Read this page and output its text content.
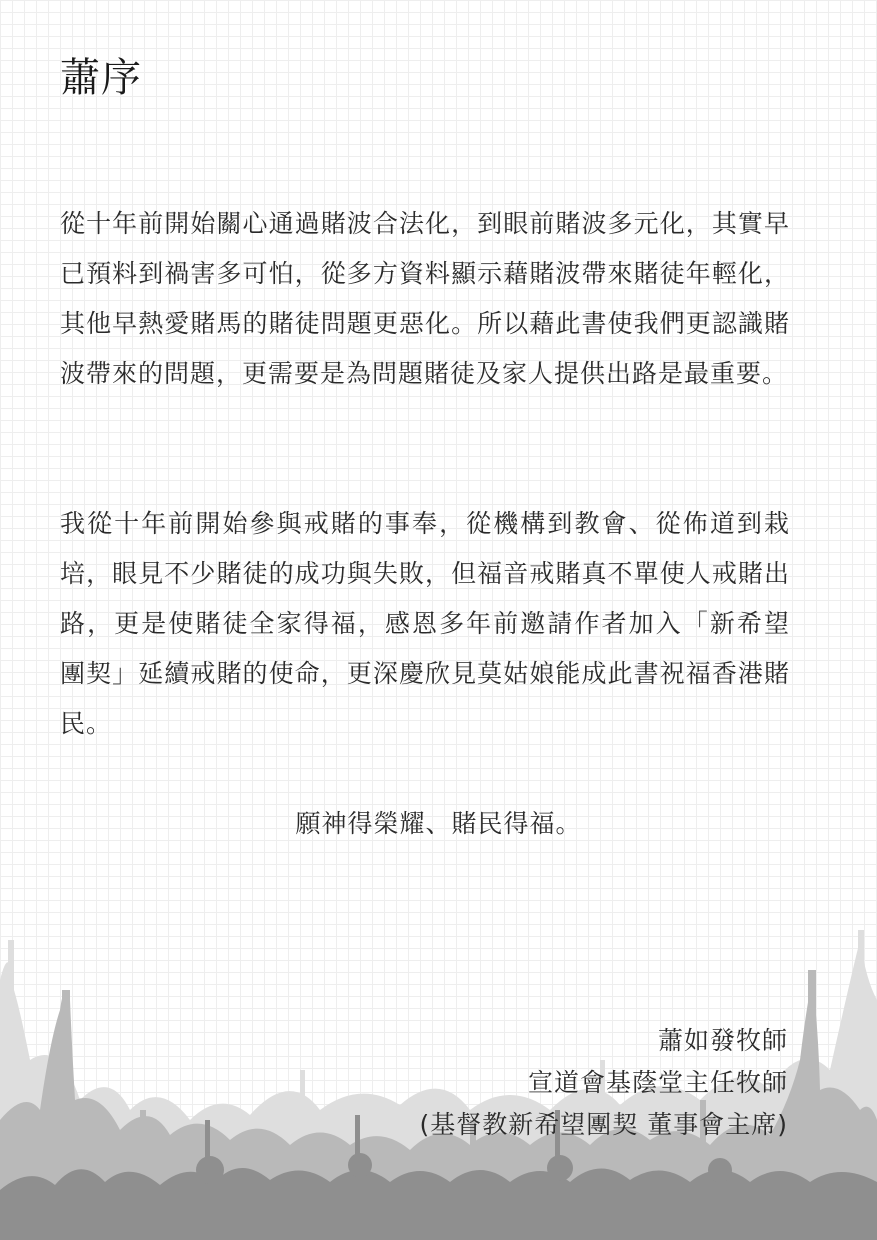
蕭序

從十年前開始關心通過賭波合法化，到眼前賭波多元化，其實早已預料到禍害多可怕，從多方資料顯示藉賭波帶來賭徒年輕化，其他早熱愛賭馬的賭徒問題更惡化。所以藉此書使我們更認識賭波帶來的問題，更需要是為問題賭徒及家人提供出路是最重要。

我從十年前開始參與戒賭的事奉，從機構到教會、從佈道到栽培，眼見不少賭徒的成功與失敗，但福音戒賭真不單使人戒賭出路，更是使賭徒全家得福，感恩多年前邀請作者加入「新希望　團契」延續戒賭的使命，更深慶欣見莫姑娘能成此書祝福香港賭民。

願神得榮耀、賭民得福。

蕭如發牧師
宣道會基蔭堂主任牧師
(基督教新希望團契 董事會主席)
